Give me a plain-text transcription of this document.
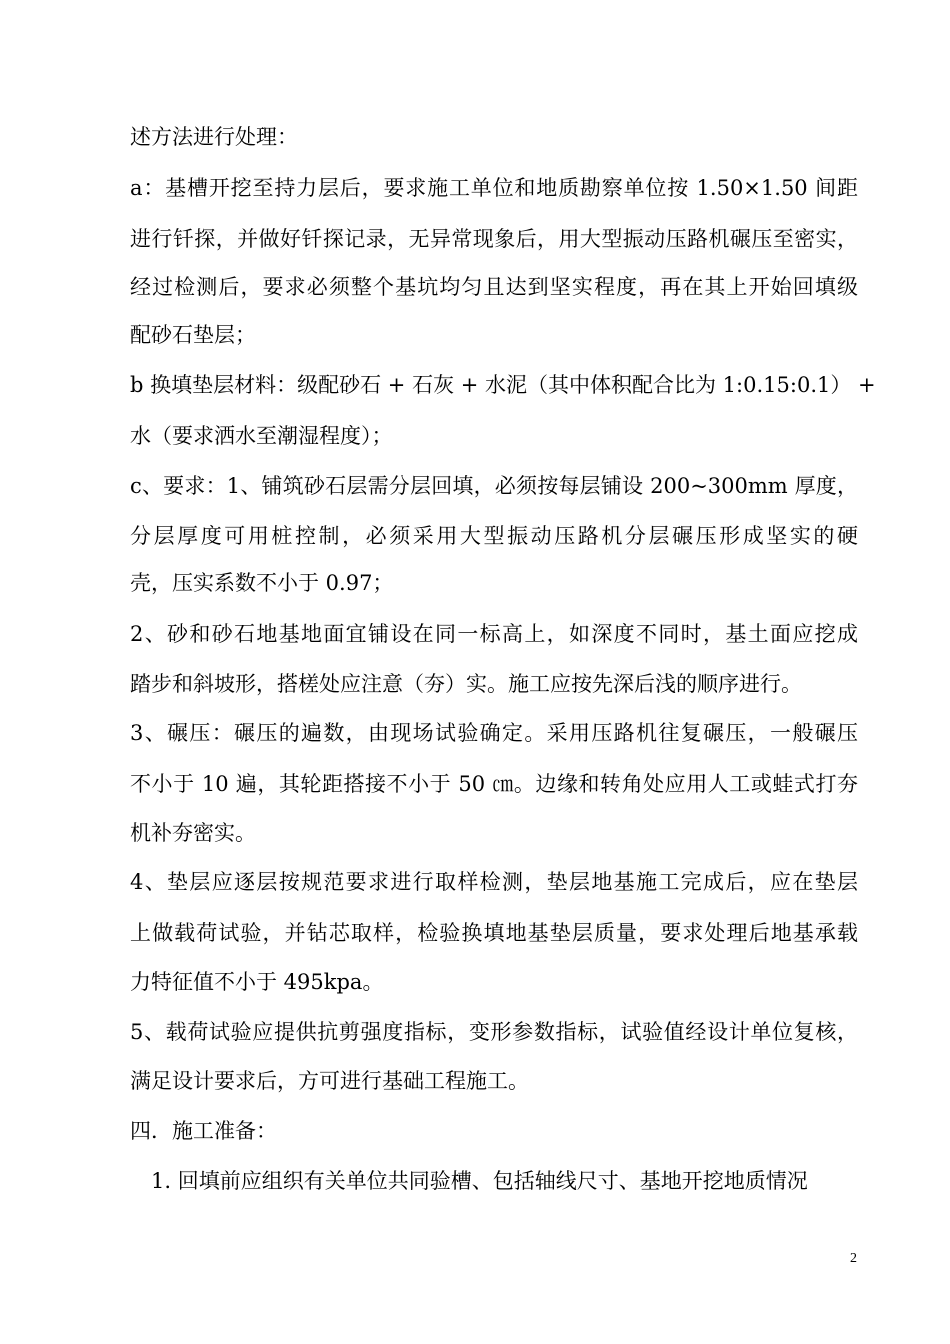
述方法进行处理：
a：基槽开挖至持力层后，要求施工单位和地质勘察单位按 1.50×1.50 间距
进行钎探，并做好钎探记录，无异常现象后，用大型振动压路机碾压至密实，
经过检测后，要求必须整个基坑均匀且达到坚实程度，再在其上开始回填级
配砂石垫层；
b 换填垫层材料：级配砂石 + 石灰 + 水泥（其中体积配合比为 1:0.15:0.1） +
水（要求洒水至潮湿程度）；
c、要求：1、铺筑砂石层需分层回填，必须按每层铺设 200~300mm 厚度，
分层厚度可用桩控制，必须采用大型振动压路机分层碾压形成坚实的硬
壳，压实系数不小于 0.97；
2、砂和砂石地基地面宜铺设在同一标高上，如深度不同时，基土面应挖成
踏步和斜坡形，搭槎处应注意（夯）实。施工应按先深后浅的顺序进行。
3、碾压：碾压的遍数，由现场试验确定。采用压路机往复碾压，一般碾压
不小于 10 遍，其轮距搭接不小于 50 ㎝。边缘和转角处应用人工或蛙式打夯
机补夯密实。
4、垫层应逐层按规范要求进行取样检测，垫层地基施工完成后，应在垫层
上做载荷试验，并钻芯取样，检验换填地基垫层质量，要求处理后地基承载
力特征值不小于 495kpa。
5、载荷试验应提供抗剪强度指标，变形参数指标，试验值经设计单位复核，
满足设计要求后，方可进行基础工程施工。
四．施工准备：
1. 回填前应组织有关单位共同验槽、包括轴线尺寸、基地开挖地质情况
2
